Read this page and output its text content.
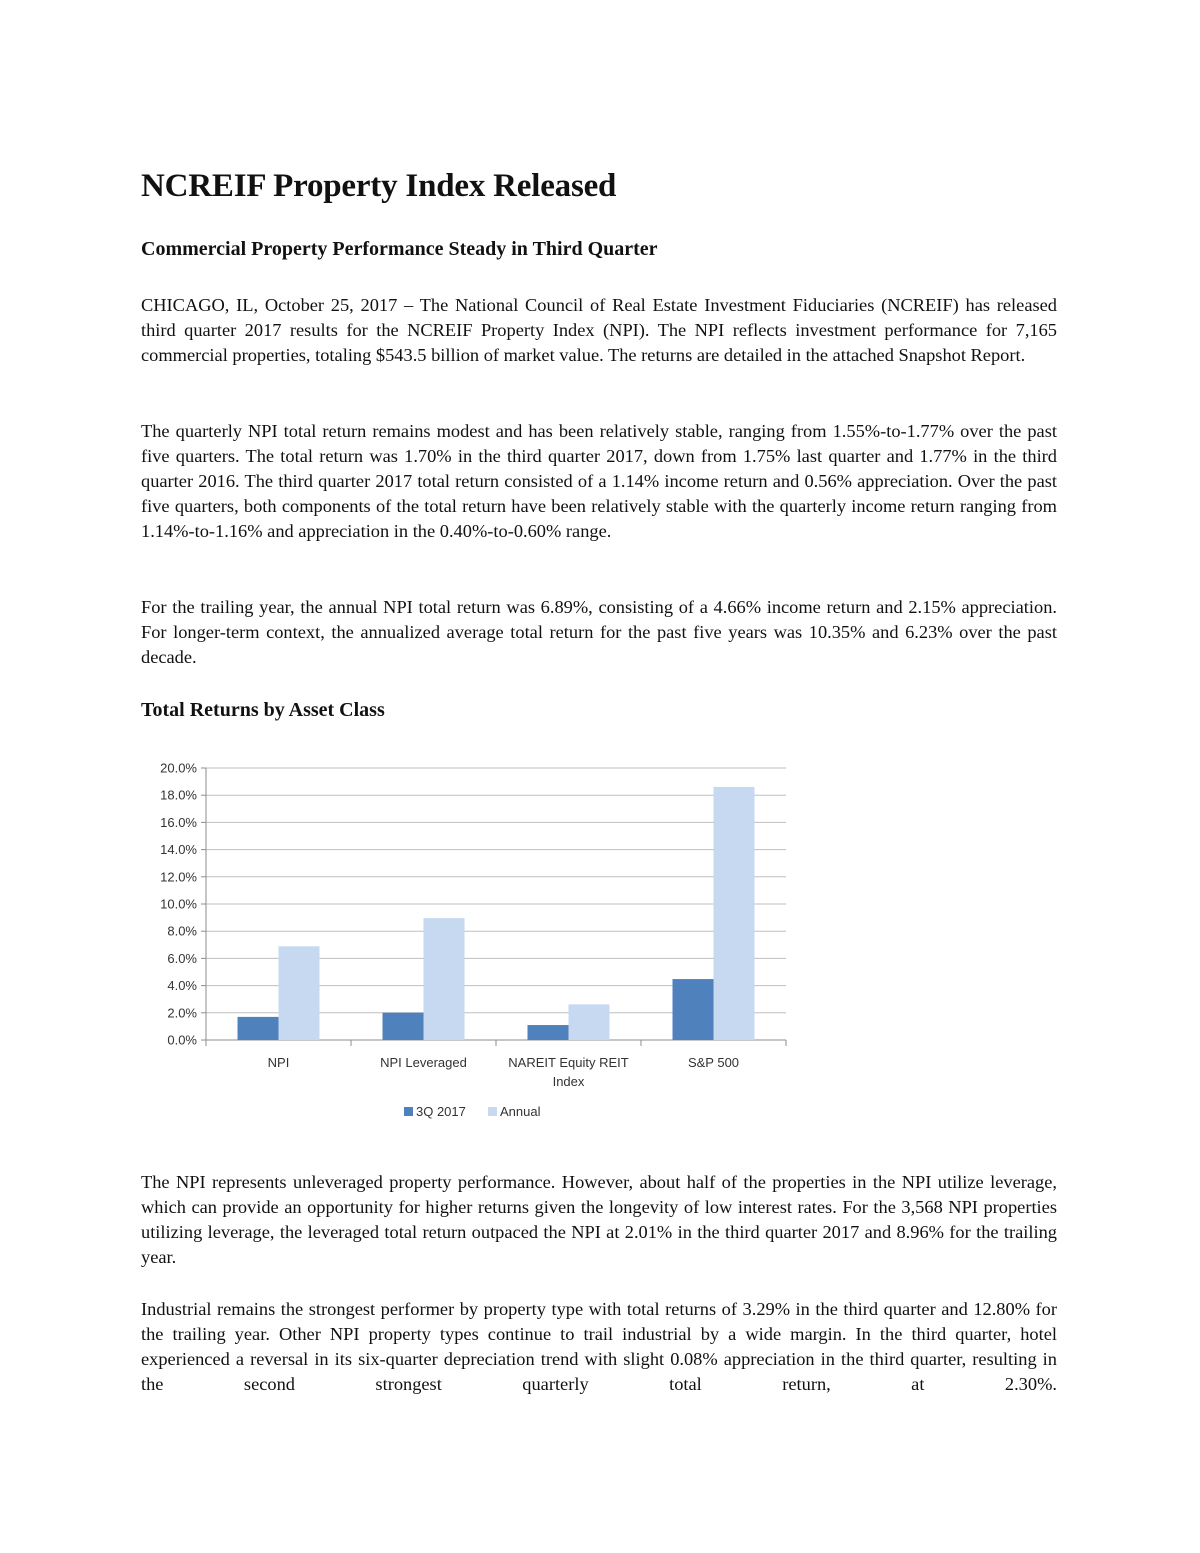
NCREIF Property Index Released
Commercial Property Performance Steady in Third Quarter

CHICAGO, IL, October 25, 2017 – The National Council of Real Estate Investment Fiduciaries (NCREIF) has released third quarter 2017 results for the NCREIF Property Index (NPI). The NPI reflects investment performance for 7,165 commercial properties, totaling $543.5 billion of market value. The returns are detailed in the attached Snapshot Report.

The quarterly NPI total return remains modest and has been relatively stable, ranging from 1.55%-to-1.77% over the past five quarters. The total return was 1.70% in the third quarter 2017, down from 1.75% last quarter and 1.77% in the third quarter 2016. The third quarter 2017 total return consisted of a 1.14% income return and 0.56% appreciation. Over the past five quarters, both components of the total return have been relatively stable with the quarterly income return ranging from 1.14%-to-1.16% and appreciation in the 0.40%-to-0.60% range.

For the trailing year, the annual NPI total return was 6.89%, consisting of a 4.66% income return and 2.15% appreciation. For longer-term context, the annualized average total return for the past five years was 10.35% and 6.23% over the past decade.

Total Returns by Asset Class
0.0%
2.0%
4.0%
6.0%
8.0%
10.0%
12.0%
14.0%
16.0%
18.0%
20.0%
NPI	NPI Leveraged	NAREIT Equity REIT
Index
S&P 500
3Q 2017	Annual

The NPI represents unleveraged property performance. However, about half of the properties in the NPI utilize leverage, which can provide an opportunity for higher returns given the longevity of low interest rates. For the 3,568 NPI properties utilizing leverage, the leveraged total return outpaced the NPI at 2.01% in the third quarter 2017 and 8.96% for the trailing year.

Industrial remains the strongest performer by property type with total returns of 3.29% in the third quarter and 12.80% for the trailing year. Other NPI property types continue to trail industrial by a wide margin. In the third quarter, hotel experienced a reversal in its six-quarter depreciation trend with slight 0.08% appreciation in the third quarter, resulting in the second strongest quarterly total return, at 2.30%.
